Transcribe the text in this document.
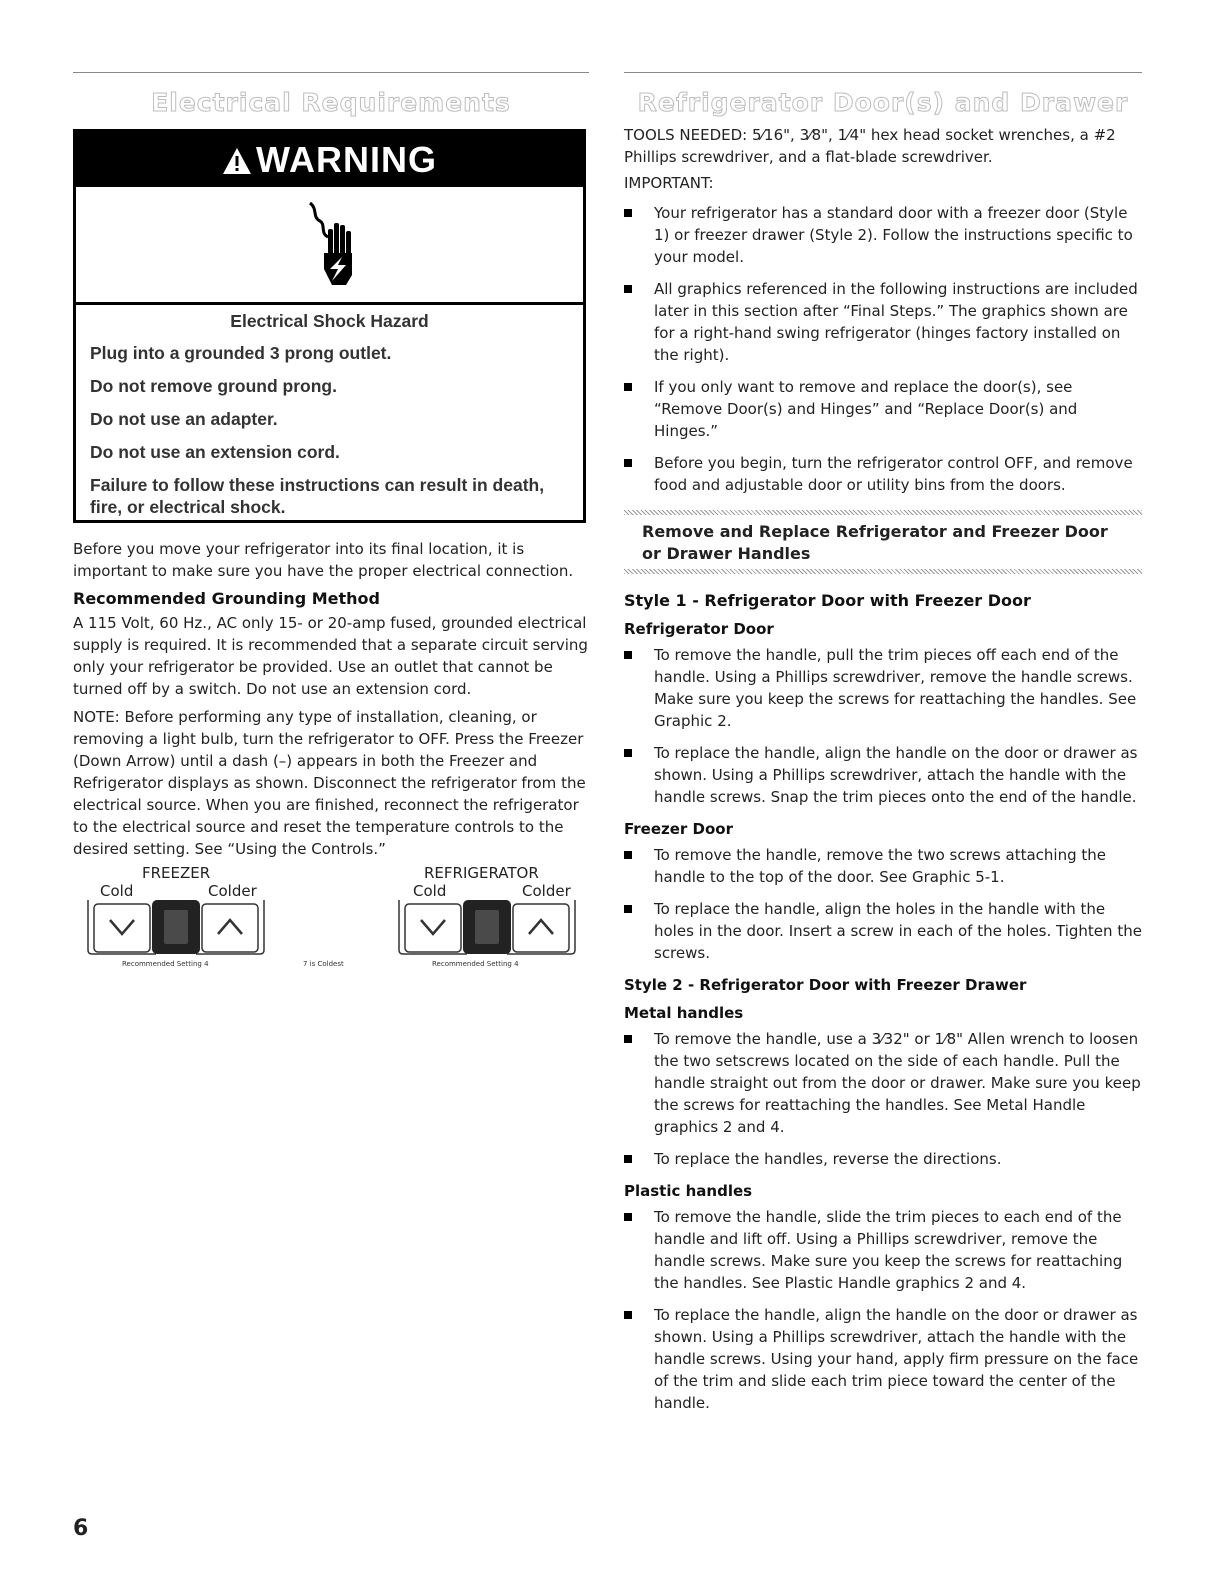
Electrical Requirements
WARNING
Electrical Shock Hazard

Plug into a grounded 3 prong outlet.

Do not remove ground prong.

Do not use an adapter.

Do not use an extension cord.

Failure to follow these instructions can result in death, fire, or electrical shock.

Before you move your refrigerator into its final location, it is important to make sure you have the proper electrical connection.

Recommended Grounding Method

A 115 Volt, 60 Hz., AC only 15- or 20-amp fused, grounded electrical supply is required. It is recommended that a separate circuit serving only your refrigerator be provided. Use an outlet that cannot be turned off by a switch. Do not use an extension cord.

NOTE: Before performing any type of installation, cleaning, or removing a light bulb, turn the refrigerator to OFF. Press the Freezer (Down Arrow) until a dash (–) appears in both the Freezer and Refrigerator displays as shown. Disconnect the refrigerator from the electrical source. When you are finished, reconnect the refrigerator to the electrical source and reset the temperature controls to the desired setting. See “Using the Controls.”

FREEZER	REFRIGERATOR
Cold	Colder	Cold	Colder
Recommended Setting 4	7 is Coldest	Recommended Setting 4
6
Refrigerator Door(s) and Drawer

TOOLS NEEDED: 5⁄16", 3⁄8", 1⁄4" hex head socket wrenches, a #2 Phillips screwdriver, and a flat-blade screwdriver.

IMPORTANT:

Your refrigerator has a standard door with a freezer door (Style 1) or freezer drawer (Style 2). Follow the instructions specific to your model.
All graphics referenced in the following instructions are included later in this section after “Final Steps.” The graphics shown are for a right-hand swing refrigerator (hinges factory installed on the right).
If you only want to remove and replace the door(s), see “Remove Door(s) and Hinges” and “Replace Door(s) and Hinges.”
Before you begin, turn the refrigerator control OFF, and remove food and adjustable door or utility bins from the doors.
Remove and Replace Refrigerator and Freezer Door or Drawer Handles
Style 1 - Refrigerator Door with Freezer Door
Refrigerator Door
To remove the handle, pull the trim pieces off each end of the handle. Using a Phillips screwdriver, remove the handle screws. Make sure you keep the screws for reattaching the handles. See Graphic 2.
To replace the handle, align the handle on the door or drawer as shown. Using a Phillips screwdriver, attach the handle with the handle screws. Snap the trim pieces onto the end of the handle.
Freezer Door
To remove the handle, remove the two screws attaching the handle to the top of the door. See Graphic 5-1.
To replace the handle, align the holes in the handle with the holes in the door. Insert a screw in each of the holes. Tighten the screws.
Style 2 - Refrigerator Door with Freezer Drawer
Metal handles
To remove the handle, use a 3⁄32" or 1⁄8" Allen wrench to loosen the two setscrews located on the side of each handle. Pull the handle straight out from the door or drawer. Make sure you keep the screws for reattaching the handles. See Metal Handle graphics 2 and 4.
To replace the handles, reverse the directions.
Plastic handles
To remove the handle, slide the trim pieces to each end of the handle and lift off. Using a Phillips screwdriver, remove the handle screws. Make sure you keep the screws for reattaching the handles. See Plastic Handle graphics 2 and 4.
To replace the handle, align the handle on the door or drawer as shown. Using a Phillips screwdriver, attach the handle with the handle screws. Using your hand, apply firm pressure on the face of the trim and slide each trim piece toward the center of the handle.
